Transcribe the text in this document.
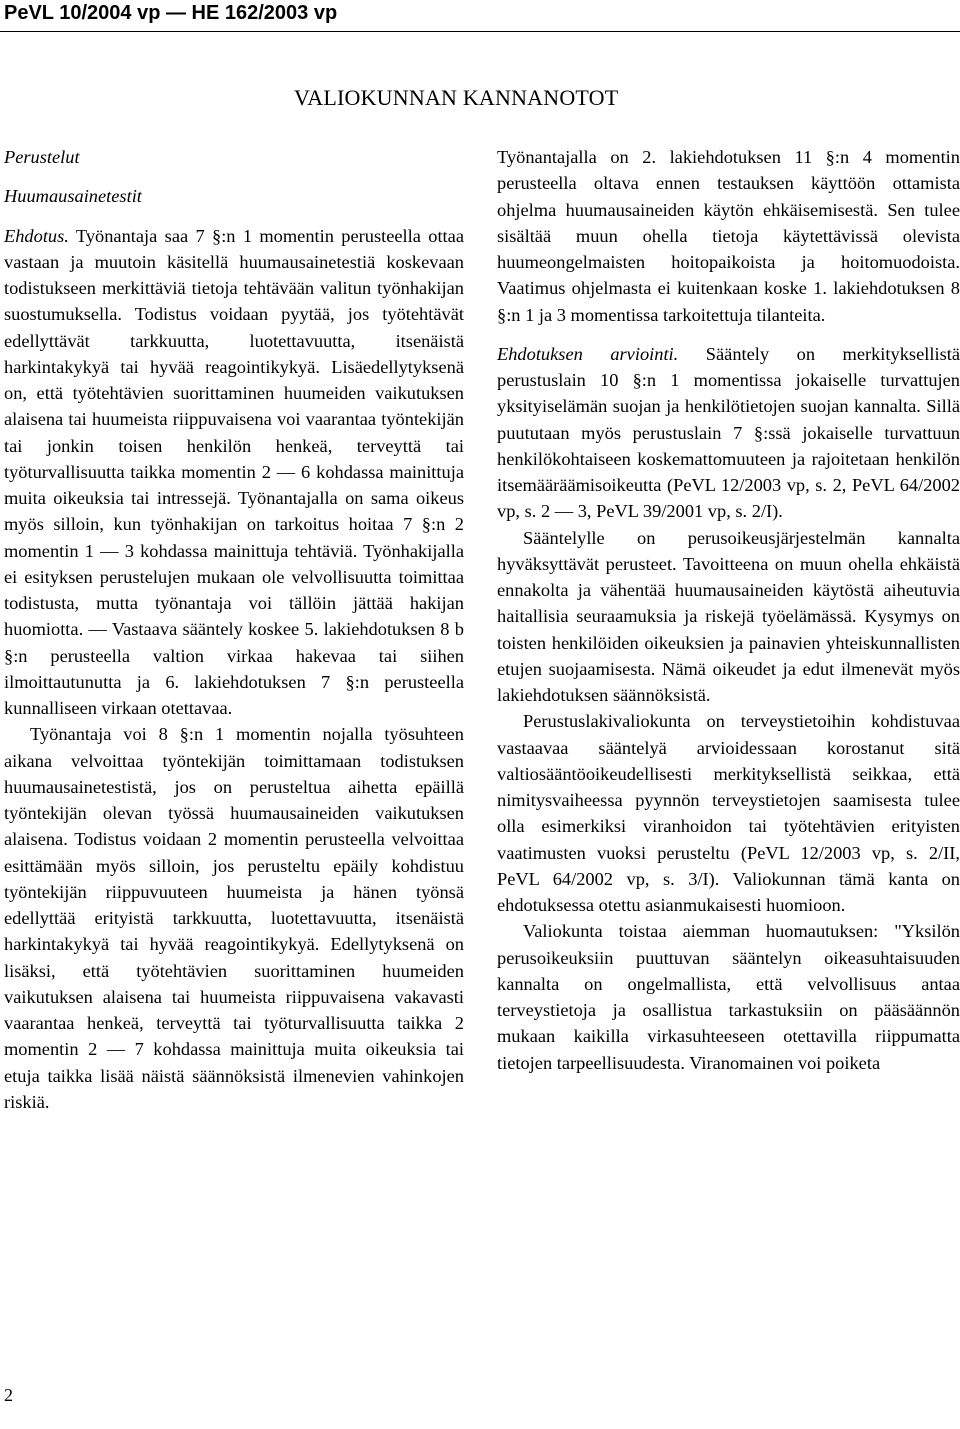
PeVL 10/2004 vp — HE 162/2003 vp
VALIOKUNNAN KANNANOTOT

Perustelut

Huumausainetestit

Ehdotus. Työnantaja saa 7 §:n 1 momentin perusteella ottaa vastaan ja muutoin käsitellä huumausainetestiä koskevaan todistukseen merkittäviä tietoja tehtävään valitun työnhakijan suostumuksella. Todistus voidaan pyytää, jos työtehtävät edellyttävät tarkkuutta, luotettavuutta, itsenäistä harkintakykyä tai hyvää reagointikykyä. Lisäedellytyksenä on, että työtehtävien suorittaminen huumeiden vaikutuksen alaisena tai huumeista riippuvaisena voi vaarantaa työntekijän tai jonkin toisen henkilön henkeä, terveyttä tai työturvallisuutta taikka momentin 2 — 6 kohdassa mainittuja muita oikeuksia tai intressejä. Työnantajalla on sama oikeus myös silloin, kun työnhakijan on tarkoitus hoitaa 7 §:n 2 momentin 1 — 3 kohdassa mainittuja tehtäviä. Työnhakijalla ei esityksen perustelujen mukaan ole velvollisuutta toimittaa todistusta, mutta työnantaja voi tällöin jättää hakijan huomiotta. — Vastaava sääntely koskee 5. lakiehdotuksen 8 b §:n perusteella valtion virkaa hakevaa tai siihen ilmoittautunutta ja 6. lakiehdotuksen 7 §:n perusteella kunnalliseen virkaan otettavaa.

Työnantaja voi 8 §:n 1 momentin nojalla työsuhteen aikana velvoittaa työntekijän toimittamaan todistuksen huumausainetestistä, jos on perusteltua aihetta epäillä työntekijän olevan työssä huumausaineiden vaikutuksen alaisena. Todistus voidaan 2 momentin perusteella velvoittaa esittämään myös silloin, jos perusteltu epäily kohdistuu työntekijän riippuvuuteen huumeista ja hänen työnsä edellyttää erityistä tarkkuutta, luotettavuutta, itsenäistä harkintakykyä tai hyvää reagointikykyä. Edellytyksenä on lisäksi, että työtehtävien suorittaminen huumeiden vaikutuksen alaisena tai huumeista riippuvaisena vakavasti vaarantaa henkeä, terveyttä tai työturvallisuutta taikka 2 momentin 2 — 7 kohdassa mainittuja muita oikeuksia tai etuja taikka lisää näistä säännöksistä ilmenevien vahinkojen riskiä.

Työnantajalla on 2. lakiehdotuksen 11 §:n 4 momentin perusteella oltava ennen testauksen käyttöön ottamista ohjelma huumausaineiden käytön ehkäisemisestä. Sen tulee sisältää muun ohella tietoja käytettävissä olevista huumeongelmaisten hoitopaikoista ja hoitomuodoista. Vaatimus ohjelmasta ei kuitenkaan koske 1. lakiehdotuksen 8 §:n 1 ja 3 momentissa tarkoitettuja tilanteita.

Ehdotuksen arviointi. Sääntely on merkityksellistä perustuslain 10 §:n 1 momentissa jokaiselle turvattujen yksityiselämän suojan ja henkilötietojen suojan kannalta. Sillä puututaan myös perustuslain 7 §:ssä jokaiselle turvattuun henkilökohtaiseen koskemattomuuteen ja rajoitetaan henkilön itsemääräämisoikeutta (PeVL 12/2003 vp, s. 2, PeVL 64/2002 vp, s. 2 — 3, PeVL 39/2001 vp, s. 2/I).

Sääntelylle on perusoikeusjärjestelmän kannalta hyväksyttävät perusteet. Tavoitteena on muun ohella ehkäistä ennakolta ja vähentää huumausaineiden käytöstä aiheutuvia haitallisia seuraamuksia ja riskejä työelämässä. Kysymys on toisten henkilöiden oikeuksien ja painavien yhteiskunnallisten etujen suojaamisesta. Nämä oikeudet ja edut ilmenevät myös lakiehdotuksen säännöksistä.

Perustuslakivaliokunta on terveystietoihin kohdistuvaa vastaavaa sääntelyä arvioidessaan korostanut sitä valtiosääntöoikeudellisesti merkityksellistä seikkaa, että nimitysvaiheessa pyynnön terveystietojen saamisesta tulee olla esimerkiksi viranhoidon tai työtehtävien erityisten vaatimusten vuoksi perusteltu (PeVL 12/2003 vp, s. 2/II, PeVL 64/2002 vp, s. 3/I). Valiokunnan tämä kanta on ehdotuksessa otettu asianmukaisesti huomioon.

Valiokunta toistaa aiemman huomautuksen: "Yksilön perusoikeuksiin puuttuvan sääntelyn oikeasuhtaisuuden kannalta on ongelmallista, että velvollisuus antaa terveystietoja ja osallistua tarkastuksiin on pääsäännön mukaan kaikilla virkasuhteeseen otettavilla riippumatta tietojen tarpeellisuudesta. Viranomainen voi poiketa

2
